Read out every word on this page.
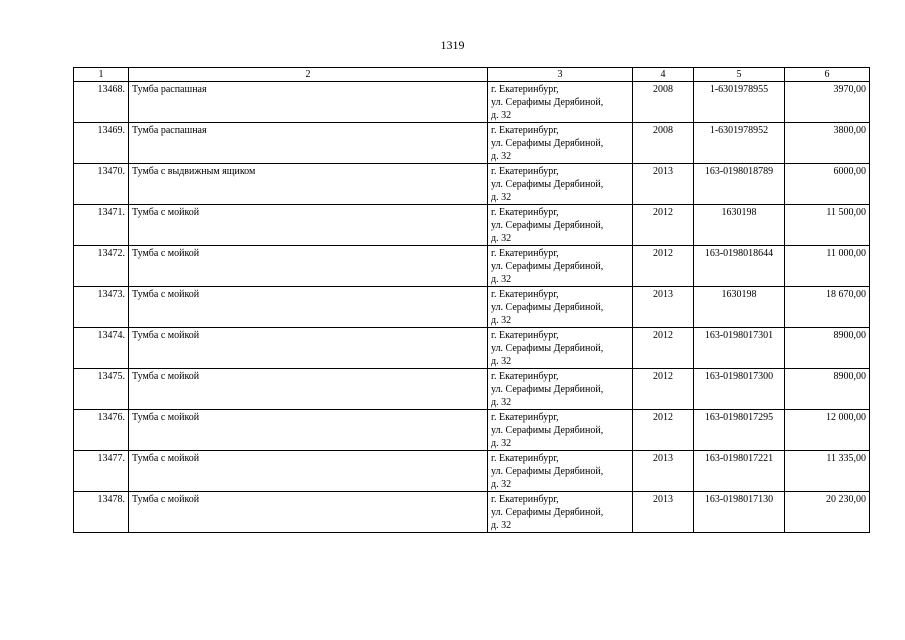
1319
1	2	3	4	5	6
13468.	Тумба распашная	г. Екатеринбург,
ул. Серафимы Дерябиной,
д. 32	2008	1-6301978955	3970,00
13469.	Тумба распашная	г. Екатеринбург,
ул. Серафимы Дерябиной,
д. 32	2008	1-6301978952	3800,00
13470.	Тумба с выдвижным ящиком	г. Екатеринбург,
ул. Серафимы Дерябиной,
д. 32	2013	163-0198018789	6000,00
13471.	Тумба с мойкой	г. Екатеринбург,
ул. Серафимы Дерябиной,
д. 32	2012	1630198	11 500,00
13472.	Тумба с мойкой	г. Екатеринбург,
ул. Серафимы Дерябиной,
д. 32	2012	163-0198018644	11 000,00
13473.	Тумба с мойкой	г. Екатеринбург,
ул. Серафимы Дерябиной,
д. 32	2013	1630198	18 670,00
13474.	Тумба с мойкой	г. Екатеринбург,
ул. Серафимы Дерябиной,
д. 32	2012	163-0198017301	8900,00
13475.	Тумба с мойкой	г. Екатеринбург,
ул. Серафимы Дерябиной,
д. 32	2012	163-0198017300	8900,00
13476.	Тумба с мойкой	г. Екатеринбург,
ул. Серафимы Дерябиной,
д. 32	2012	163-0198017295	12 000,00
13477.	Тумба с мойкой	г. Екатеринбург,
ул. Серафимы Дерябиной,
д. 32	2013	163-0198017221	11 335,00
13478.	Тумба с мойкой	г. Екатеринбург,
ул. Серафимы Дерябиной,
д. 32	2013	163-0198017130	20 230,00
